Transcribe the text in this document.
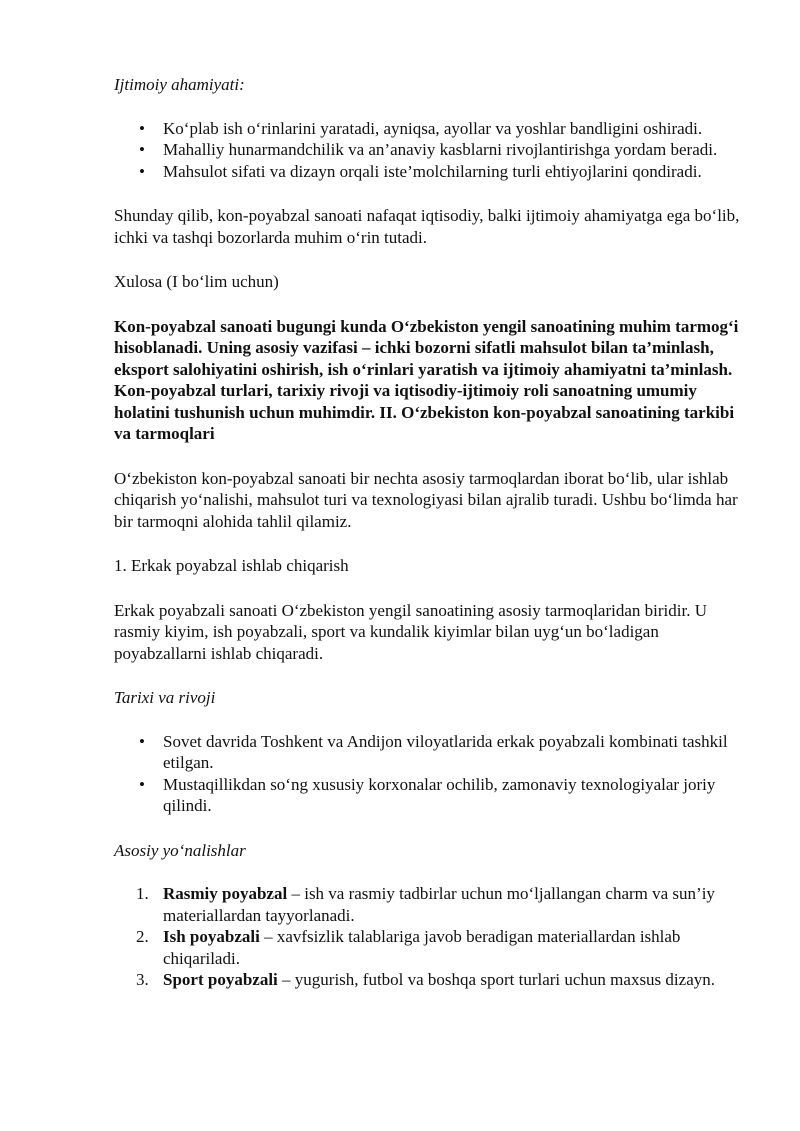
Ijtimoiy ahamiyati:

• Ko‘plab ish o‘rinlarini yaratadi, ayniqsa, ayollar va yoshlar bandligini oshiradi.
• Mahalliy hunarmandchilik va an’anaviy kasblarni rivojlantirishga yordam beradi.
• Mahsulot sifati va dizayn orqali iste’molchilarning turli ehtiyojlarini qondiradi.

Shunday qilib, kon-poyabzal sanoati nafaqat iqtisodiy, balki ijtimoiy ahamiyatga ega bo‘lib, ichki va tashqi bozorlarda muhim o‘rin tutadi.

Xulosa (I bo‘lim uchun)

Kon-poyabzal sanoati bugungi kunda O‘zbekiston yengil sanoatining muhim tarmog‘i hisoblanadi. Uning asosiy vazifasi – ichki bozorni sifatli mahsulot bilan ta’minlash, eksport salohiyatini oshirish, ish o‘rinlari yaratish va ijtimoiy ahamiyatni ta’minlash. Kon-poyabzal turlari, tarixiy rivoji va iqtisodiy-ijtimoiy roli sanoatning umumiy holatini tushunish uchun muhimdir. II. O‘zbekiston kon-poyabzal sanoatining tarkibi va tarmoqlari

O‘zbekiston kon-poyabzal sanoati bir nechta asosiy tarmoqlardan iborat bo‘lib, ular ishlab chiqarish yo‘nalishi, mahsulot turi va texnologiyasi bilan ajralib turadi. Ushbu bo‘limda har bir tarmoqni alohida tahlil qilamiz.

1. Erkak poyabzal ishlab chiqarish

Erkak poyabzali sanoati O‘zbekiston yengil sanoatining asosiy tarmoqlaridan biridir. U rasmiy kiyim, ish poyabzali, sport va kundalik kiyimlar bilan uyg‘un bo‘ladigan poyabzallarni ishlab chiqaradi.

Tarixi va rivoji

• Sovet davrida Toshkent va Andijon viloyatlarida erkak poyabzali kombinati tashkil etilgan.
• Mustaqillikdan so‘ng xususiy korxonalar ochilib, zamonaviy texnologiyalar joriy qilindi.

Asosiy yo‘nalishlar

1. Rasmiy poyabzal – ish va rasmiy tadbirlar uchun mo‘ljallangan charm va sun’iy materiallardan tayyorlanadi.
2. Ish poyabzali – xavfsizlik talablariga javob beradigan materiallardan ishlab chiqariladi.
3. Sport poyabzali – yugurish, futbol va boshqa sport turlari uchun maxsus dizayn.
